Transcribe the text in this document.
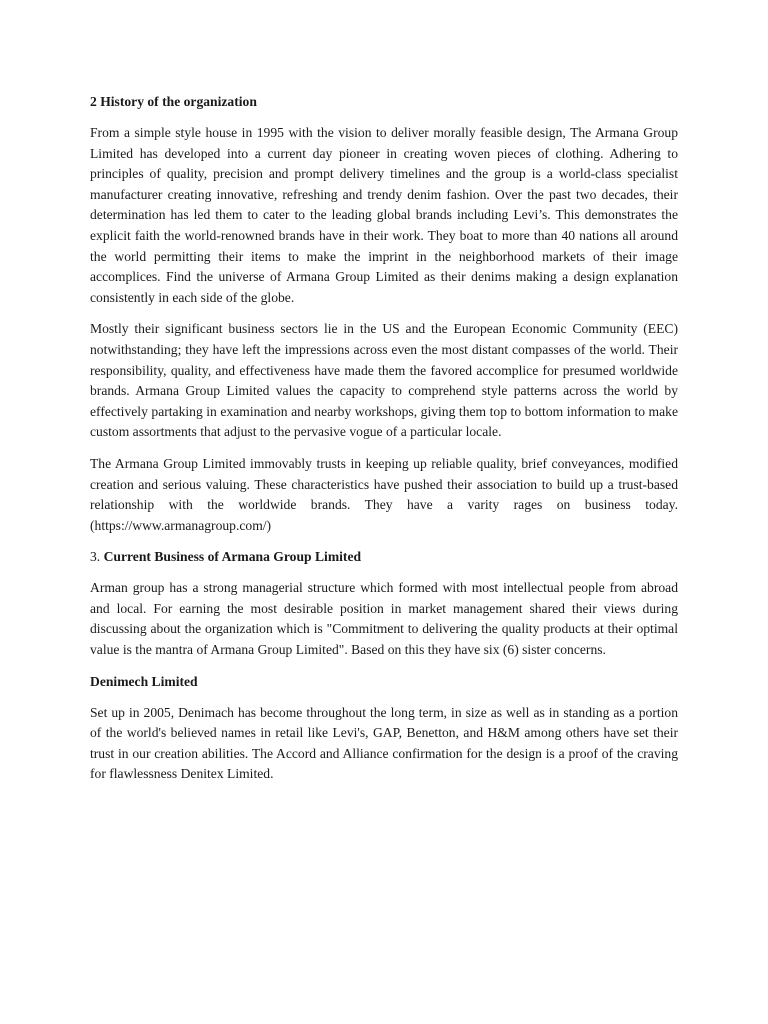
2 History of the organization

From a simple style house in 1995 with the vision to deliver morally feasible design, The Armana Group Limited has developed into a current day pioneer in creating woven pieces of clothing. Adhering to principles of quality, precision and prompt delivery timelines and the group is a world-class specialist manufacturer creating innovative, refreshing and trendy denim fashion. Over the past two decades, their determination has led them to cater to the leading global brands including Levi’s. This demonstrates the explicit faith the world-renowned brands have in their work. They boat to more than 40 nations all around the world permitting their items to make the imprint in the neighborhood markets of their image accomplices. Find the universe of Armana Group Limited as their denims making a design explanation consistently in each side of the globe.

Mostly their significant business sectors lie in the US and the European Economic Community (EEC) notwithstanding; they have left the impressions across even the most distant compasses of the world. Their responsibility, quality, and effectiveness have made them the favored accomplice for presumed worldwide brands. Armana Group Limited values the capacity to comprehend style patterns across the world by effectively partaking in examination and nearby workshops, giving them top to bottom information to make custom assortments that adjust to the pervasive vogue of a particular locale.

The Armana Group Limited immovably trusts in keeping up reliable quality, brief conveyances, modified creation and serious valuing. These characteristics have pushed their association to build up a trust-based relationship with the worldwide brands. They have a varity rages on business today. (https://www.armanagroup.com/)

3. Current Business of Armana Group Limited

Arman group has a strong managerial structure which formed with most intellectual people from abroad and local. For earning the most desirable position in market management shared their views during discussing about the organization which is "Commitment to delivering the quality products at their optimal value is the mantra of Armana Group Limited". Based on this they have six (6) sister concerns.

Denimech Limited

Set up in 2005, Denimach has become throughout the long term, in size as well as in standing as a portion of the world's believed names in retail like Levi's, GAP, Benetton, and H&M among others have set their trust in our creation abilities. The Accord and Alliance confirmation for the design is a proof of the craving for flawlessness Denitex Limited.
